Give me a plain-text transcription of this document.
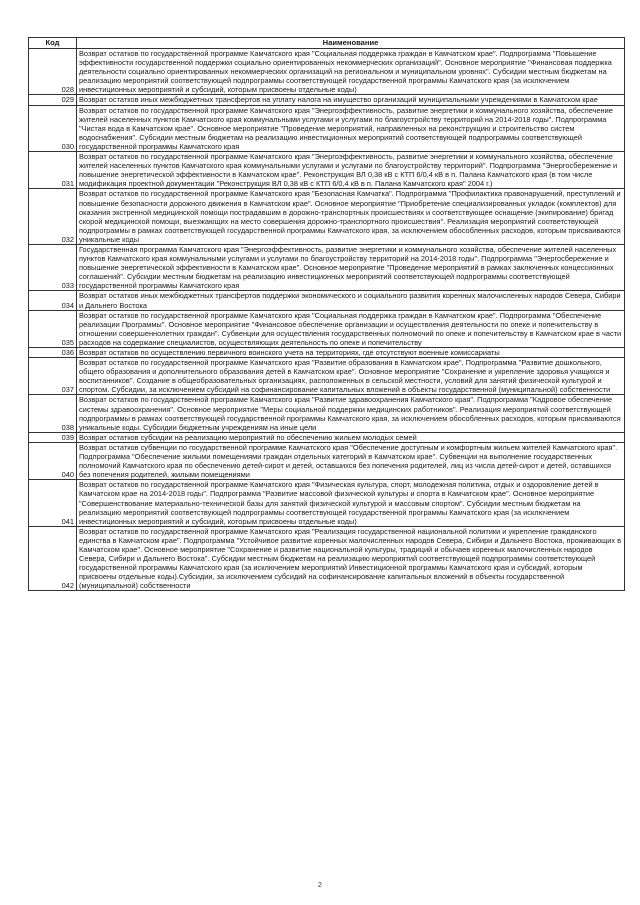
Код	Наименование
028	Возврат остатков по государственной программе Камчатского края "Социальная поддержка граждан в Камчатском крае". Подпрограмма "Повышение эффективности государственной поддержки социально ориентированных некоммерческих организаций". Основное мероприятие "Финансовая поддержка деятельности социально ориентированных некоммерческих организаций на региональном и муниципальном уровнях". Субсидии местным бюджетам на реализацию мероприятий соответствующей подпрограммы соответствующей государственной программы Камчатского края (за исключением инвестиционных мероприятий и субсидий, которым присвоены отдельные коды)
029	Возврат остатков иных межбюджетных трансфертов на уплату налога на имущество организаций муниципальными учреждениями в Камчатском крае
030	Возврат остатков по государственной программе Камчатского края "Энергоэффективность, развитие энергетики и коммунального хозяйства, обеспечение жителей населенных пунктов Камчатского края коммунальными услугами и услугами по благоустройству территорий на 2014-2018 годы". Подпрограмма "Чистая вода в Камчатском крае". Основное мероприятие "Проведение мероприятий, направленных на реконструкцию и строительство систем водоснабжения". Субсидии местным бюджетам на реализацию инвестиционных мероприятий соответствующей подпрограммы соответствующей государственной программы Камчатского края
031	Возврат остатков по государственной программе Камчатского края "Энергоэффективность, развитие энергетики и коммунального хозяйства, обеспечение жителей населенных пунктов Камчатского края коммунальными услугами и услугами по благоустройству территорий". Подпрограмма "Энергосбережение и повышение энергетической эффективности в Камчатском крае". Реконструкция ВЛ 0,38 кВ с КТП 6/0,4 кВ в п. Палана Камчатского края (в том числе модификация проектной документации "Реконструкция ВЛ 0,38 кВ с КТП 6/0,4 кВ в п. Палана Камчатского края" 2004 г.)
032	Возврат остатков по государственной программе Камчатского края "Безопасная Камчатка". Подпрограмма "Профилактика правонарушений, преступлений и повышение безопасности дорожного движения в Камчатском крае". Основное мероприятие "Приобретение специализированных укладок (комплектов) для оказания экстренной медицинской помощи пострадавшим в дорожно-транспортных происшествиях и соответствующее оснащение (экипирование) бригад скорой медицинской помощи, выезжающих на место совершения дорожно-транспортного происшествия". Реализация мероприятий соответствующей подпрограммы в рамках соответствующей государственной программы Камчатского края, за исключением обособленных расходов, которым присваиваются уникальные коды
033	Государственная программа Камчатского края "Энергоэффективность, развитие энергетики и коммунального хозяйства, обеспечение жителей населенных пунктов Камчатского края коммунальными услугами и услугами по благоустройству территорий на 2014-2018 годы". Подпрограмма "Энергосбережение и повышение энергетической эффективности в Камчатском крае". Основное мероприятие "Проведение мероприятий в рамках заключенных концессионных соглашений". Субсидии местным бюджетам на реализацию инвестиционных мероприятий соответствующей подпрограммы соответствующей государственной программы Камчатского края
034	Возврат остатков иных межбюджетных трансфертов поддержки экономического и социального развития коренных малочисленных народов Севера, Сибири и Дальнего Востока
035	Возврат остатков по государственной программе Камчатского края "Социальная поддержка граждан в Камчатском крае". Подпрограмма "Обеспечение реализации Программы". Основное мероприятие "Финансовое обеспечение организации и осуществления деятельности по опеке и попечительству в отношении совершеннолетних граждан". Субвенции для осуществления государственных полномочий по опеке и попечительству в Камчатском крае в части расходов на содержание специалистов, осуществляющих деятельность по опеке и попечительству
036	Возврат остатков по осуществлению первичного воинского учета на территориях, где отсутствуют военные комиссариаты
037	Возврат остатков по государственной программе Камчатского края "Развитие образования в Камчатском крае". Подпрограмма "Развитие дошкольного, общего образования и дополнительного образования детей в Камчатском крае". Основное мероприятие "Сохранение и укрепление здоровья учащихся и воспитанников". Создание в общеобразовательных организациях, расположенных в сельской местности, условий для занятий физической культурой и спортом. Субсидии, за исключением субсидий на софинансирование капитальных вложений в объекты государственной (муниципальной) собственности
038	Возврат остатков по государственной программе Камчатского края "Развитие здравоохранения Камчатского края". Подпрограмма "Кадровое обеспечение системы здравоохранения". Основное мероприятие "Меры социальной поддержки медицинских работников". Реализация мероприятий соответствующей подпрограммы в рамках соответствующей государственной программы Камчатского края, за исключением обособленных расходов, которым присваиваются уникальные коды. Субсидии бюджетным учреждениям на иные цели
039	Возврат остатков субсидии на реализацию мероприятий по обеспечению жильем молодых семей
040	Возврат остатков субвенции по государственной программе Камчатского края "Обеспечение доступным и комфортным жильем жителей Камчатского края". Подпрограмма "Обеспечение жилыми помещениями граждан отдельных категорий в Камчатском крае". Субвенции на выполнение государственных полномочий Камчатского края по обеспечению детей-сирот и детей, оставшихся без попечения родителей, лиц из числа детей-сирот и детей, оставшихся без попечения родителей, жилыми помещениями
041	Возврат остатков по государственной программе Камчатского края "Физическая культура, спорт, молодежная политика, отдых и оздоровление детей в Камчатском крае на 2014-2018 годы". Подпрограмма "Развитие массовой физической культуры и спорта в Камчатском крае". Основное мероприятие "Совершенствование материально-технической базы для занятий физической культурой и массовым спортом". Субсидии местным бюджетам на реализацию мероприятий соответствующей подпрограммы соответствующей государственной программы Камчатского края (за исключением инвестиционных мероприятий и субсидий, которым присвоены отдельные коды)
042	Возврат остатков по государственной программе Камчатского края "Реализация государственной национальной политики и укрепление гражданского единства в Камчатском крае". Подпрограмма "Устойчивое развитие коренных малочисленных народов Севера, Сибири и Дальнего Востока, проживающих в Камчатском крае". Основное мероприятие "Сохранение и развитие национальной культуры, традиций и обычаев коренных малочисленных народов Севера, Сибири и Дальнего Востока". Субсидии местным бюджетам на реализацию мероприятий соответствующей подпрограммы соответствующей государственной программы Камчатского края (за исключением мероприятий Инвестиционной программы Камчатского края и субсидий, которым присвоены отдельные коды).Субсидии, за исключением субсидий на софинансирование капитальных вложений в объекты государственной (муниципальной) собственности
2
